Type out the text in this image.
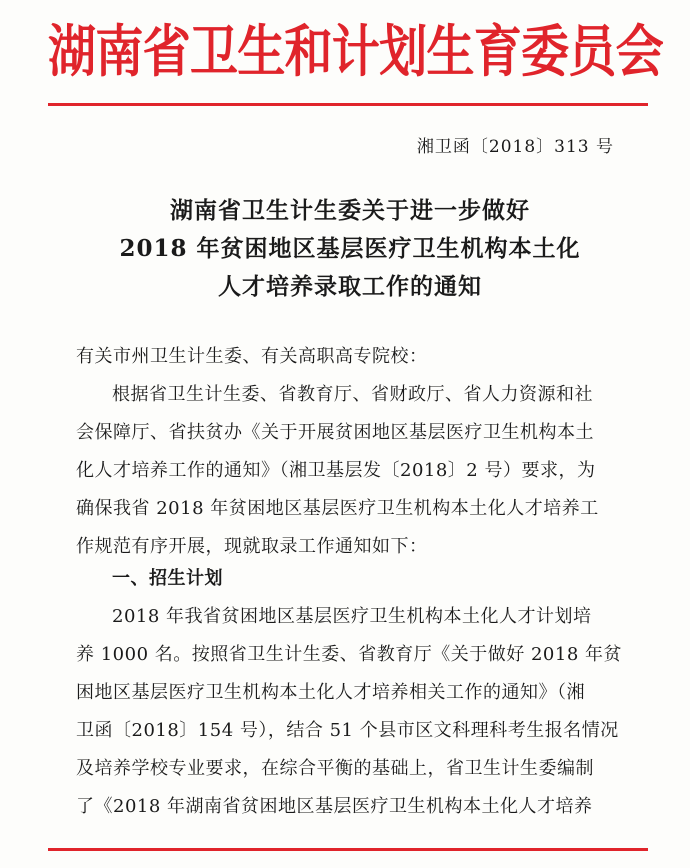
湖南省卫生和计划生育委员会
湘卫函〔2018〕313 号
湖南省卫生计生委关于进一步做好
2018 年贫困地区基层医疗卫生机构本土化
人才培养录取工作的通知
有关市州卫生计生委、有关高职高专院校：
根据省卫生计生委、省教育厅、省财政厅、省人力资源和社
会保障厅、省扶贫办《关于开展贫困地区基层医疗卫生机构本土
化人才培养工作的通知》（湘卫基层发〔2018〕2 号）要求，为
确保我省 2018 年贫困地区基层医疗卫生机构本土化人才培养工
作规范有序开展，现就取录工作通知如下：
一、招生计划
2018 年我省贫困地区基层医疗卫生机构本土化人才计划培
养 1000 名。按照省卫生计生委、省教育厅《关于做好 2018 年贫
困地区基层医疗卫生机构本土化人才培养相关工作的通知》（湘
卫函〔2018〕154 号），结合 51 个县市区文科理科考生报名情况
及培养学校专业要求，在综合平衡的基础上，省卫生计生委编制
了《2018 年湖南省贫困地区基层医疗卫生机构本土化人才培养
